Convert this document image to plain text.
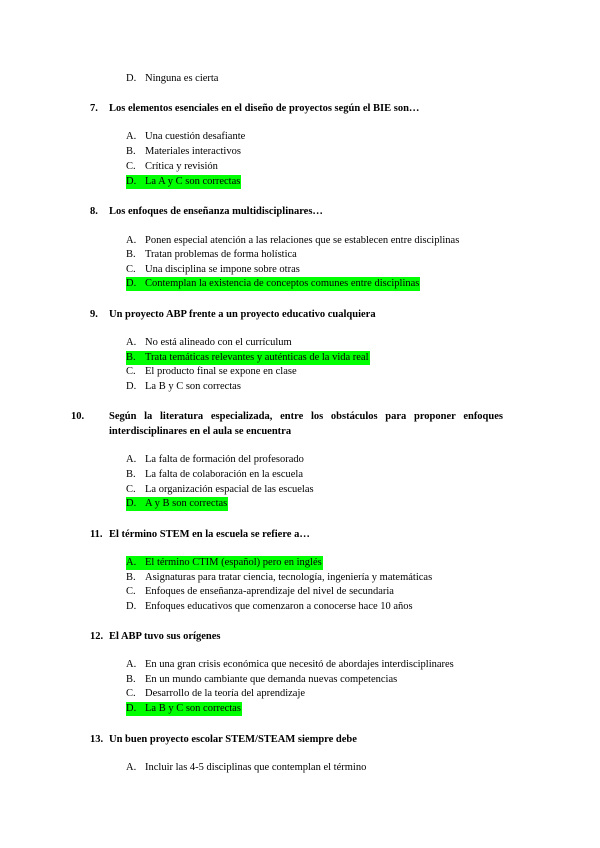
D. Ninguna es cierta
7. Los elementos esenciales en el diseño de proyectos según el BIE son…
A. Una cuestión desafiante
B. Materiales interactivos
C. Crítica y revisión
D. La A y C son correctas
8. Los enfoques de enseñanza multidisciplinares…
A. Ponen especial atención a las relaciones que se establecen entre disciplinas
B. Tratan problemas de forma holística
C. Una disciplina se impone sobre otras
D. Contemplan la existencia de conceptos comunes entre disciplinas
9. Un proyecto ABP frente a un proyecto educativo cualquiera
A. No está alineado con el currículum
B. Trata temáticas relevantes y auténticas de la vida real
C. El producto final se expone en clase
D. La B y C son correctas
10. Según la literatura especializada, entre los obstáculos para proponer enfoques interdisciplinares en el aula se encuentra
A. La falta de formación del profesorado
B. La falta de colaboración en la escuela
C. La organización espacial de las escuelas
D. A y B son correctas
11. El término STEM en la escuela se refiere a…
A. El término CTIM (español) pero en inglés
B. Asignaturas para tratar ciencia, tecnología, ingeniería y matemáticas
C. Enfoques de enseñanza-aprendizaje del nivel de secundaria
D. Enfoques educativos que comenzaron a conocerse hace 10 años
12. El ABP tuvo sus orígenes
A. En una gran crisis económica que necesitó de abordajes interdisciplinares
B. En un mundo cambiante que demanda nuevas competencias
C. Desarrollo de la teoría del aprendizaje
D. La B y C son correctas
13. Un buen proyecto escolar STEM/STEAM siempre debe
A. Incluir las 4-5 disciplinas que contemplan el término
